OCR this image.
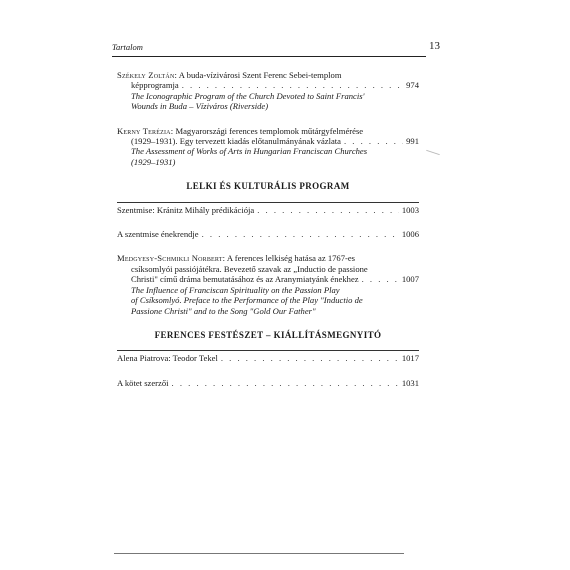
Tartalom	13
Székely Zoltán: A buda-vízivárosi Szent Ferenc Sebei-templom
képprogramja . . .	974
The Iconographic Program of the Church Devoted to Saint Francis'
Wounds in Buda – Víziváros (Riverside)
Kerny Terézia: Magyarországi ferences templomok műtárgyfelmérése
(1929–1931). Egy tervezett kiadás előtanulmányának vázlata . . .	991
The Assessment of Works of Arts in Hungarian Franciscan Churches
(1929–1931)
LELKI ÉS KULTURÁLIS PROGRAM
Szentmise: Kránitz Mihály prédikációja . . .	1003
A szentmise énekrendje . . .	1006
Medgyesy-Schmikli Norbert: A ferences lelkiség hatása az 1767-es
csíksomlyói passiójátékra. Bevezető szavak az „Inductio de passione
Christi" című dráma bemutatásához és az Aranymiatyánk énekhez . . .	1007
The Influence of Franciscan Spirituality on the Passion Play
of Csíksomlyó. Preface to the Performance of the Play "Inductio de
Passione Christi" and to the Song "Gold Our Father"
FERENCES FESTÉSZET – KIÁLLÍTÁSMEGNYITÓ
Alena Piatrova: Teodor Tekel . . .	1017
A kötet szerzői . . .	1031
